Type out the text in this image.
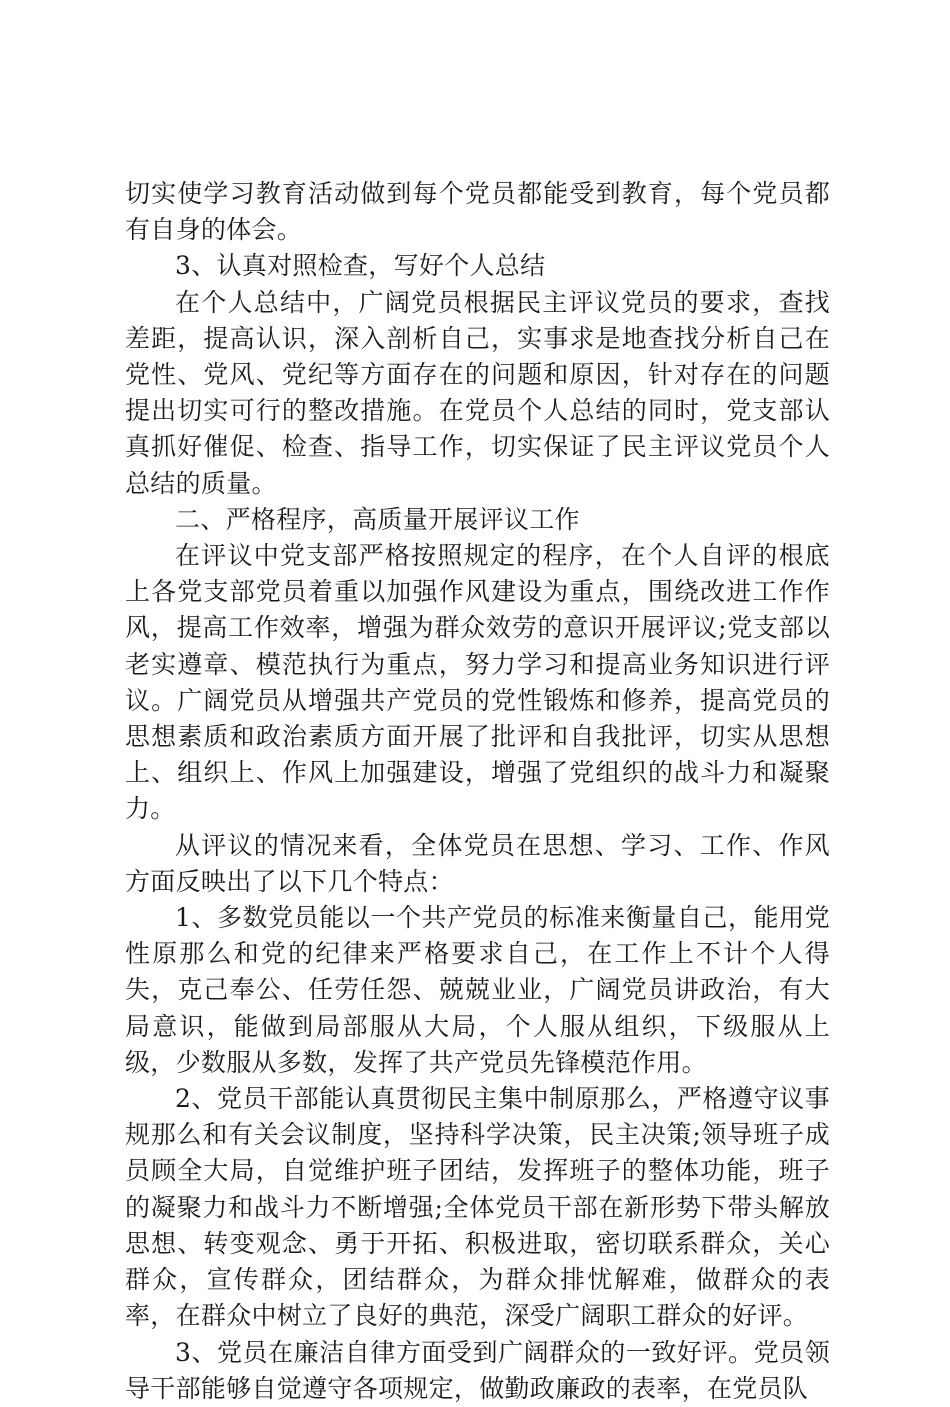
切实使学习教育活动做到每个党员都能受到教育，每个党员都有自身的体会。

3、认真对照检查，写好个人总结

在个人总结中，广阔党员根据民主评议党员的要求，查找差距，提高认识，深入剖析自己，实事求是地查找分析自己在党性、党风、党纪等方面存在的问题和原因，针对存在的问题提出切实可行的整改措施。在党员个人总结的同时，党支部认真抓好催促、检查、指导工作，切实保证了民主评议党员个人总结的质量。

二、严格程序，高质量开展评议工作

在评议中党支部严格按照规定的程序，在个人自评的根底上各党支部党员着重以加强作风建设为重点，围绕改进工作作风，提高工作效率，增强为群众效劳的意识开展评议;党支部以老实遵章、模范执行为重点，努力学习和提高业务知识进行评议。广阔党员从增强共产党员的党性锻炼和修养，提高党员的思想素质和政治素质方面开展了批评和自我批评，切实从思想上、组织上、作风上加强建设，增强了党组织的战斗力和凝聚力。

从评议的情况来看，全体党员在思想、学习、工作、作风方面反映出了以下几个特点：

1、多数党员能以一个共产党员的标准来衡量自己，能用党性原那么和党的纪律来严格要求自己，在工作上不计个人得失，克己奉公、任劳任怨、兢兢业业，广阔党员讲政治，有大局意识，能做到局部服从大局，个人服从组织，下级服从上级，少数服从多数，发挥了共产党员先锋模范作用。

2、党员干部能认真贯彻民主集中制原那么，严格遵守议事规那么和有关会议制度，坚持科学决策，民主决策;领导班子成员顾全大局，自觉维护班子团结，发挥班子的整体功能，班子的凝聚力和战斗力不断增强;全体党员干部在新形势下带头解放思想、转变观念、勇于开拓、积极进取，密切联系群众，关心群众，宣传群众，团结群众，为群众排忧解难，做群众的表率，在群众中树立了良好的典范，深受广阔职工群众的好评。

3、党员在廉洁自律方面受到广阔群众的一致好评。党员领导干部能够自觉遵守各项规定，做勤政廉政的表率，在党员队
